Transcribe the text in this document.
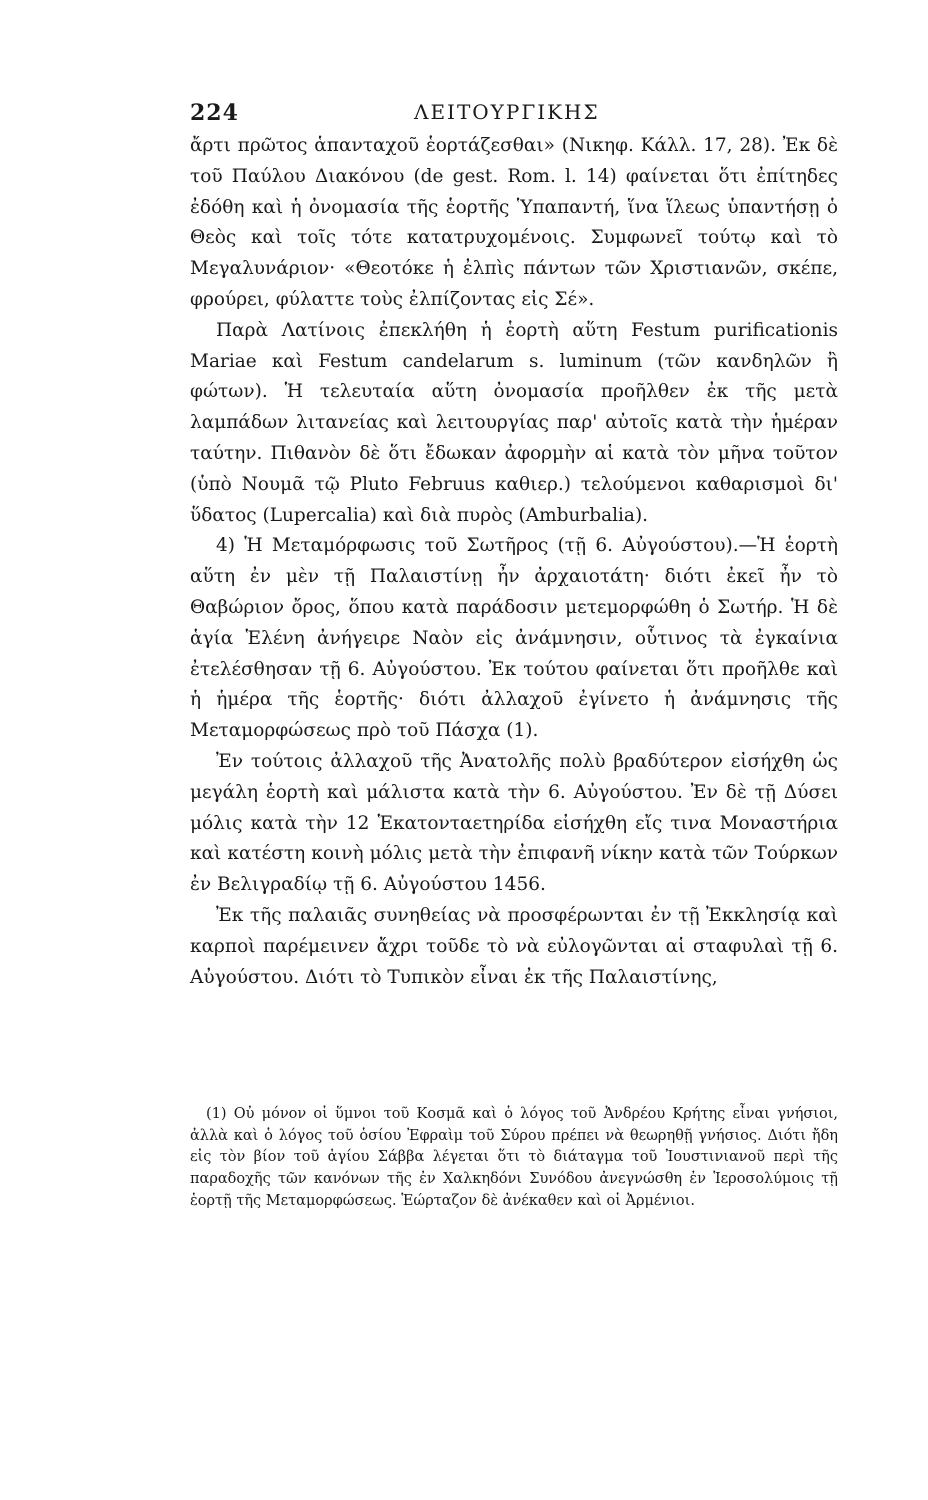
224	ΛΕΙΤΟΥΡΓΙΚΗΣ

ἄρτι πρῶτος ἁπανταχοῦ ἑορτάζεσθαι» (Νικηφ. Κάλλ. 17, 28). Ἐκ δὲ τοῦ Παύλου Διακόνου (de gest. Rom. l. 14) φαίνεται ὅτι ἐπίτηδες ἐδόθη καὶ ἡ ὀνομασία τῆς ἑορτῆς Ὑπαπαντή, ἵνα ἵλεως ὑπαντήσῃ ὁ Θεὸς καὶ τοῖς τότε κατατρυχομένοις. Συμφωνεῖ τούτῳ καὶ τὸ Μεγαλυνάριον· «Θεοτόκε ἡ ἐλπὶς πάντων τῶν Χριστιανῶν, σκέπε, φρούρει, φύλαττε τοὺς ἐλπίζοντας εἰς Σέ».

Παρὰ Λατίνοις ἐπεκλήθη ἡ ἑορτὴ αὕτη Festum purificationis Mariae καὶ Festum candelarum s. luminum (τῶν κανδηλῶν ἢ φώτων). Ἡ τελευταία αὕτη ὀνομασία προῆλθεν ἐκ τῆς μετὰ λαμπάδων λιτανείας καὶ λειτουργίας παρ' αὐτοῖς κατὰ τὴν ἡμέραν ταύτην. Πιθανὸν δὲ ὅτι ἔδωκαν ἀφορμὴν αἱ κατὰ τὸν μῆνα τοῦτον (ὑπὸ Νουμᾶ τῷ Pluto Februus καθιερ.) τελούμενοι καθαρισμοὶ δι' ὕδατος (Lupercalia) καὶ διὰ πυρὸς (Amburbalia).

4) Ἡ Μεταμόρφωσις τοῦ Σωτῆρος (τῇ 6. Αὐγούστου).—Ἡ ἑορτὴ αὕτη ἐν μὲν τῇ Παλαιστίνῃ ἦν ἀρχαιοτάτη· διότι ἐκεῖ ἦν τὸ Θαβώριον ὄρος, ὅπου κατὰ παράδοσιν μετεμορφώθη ὁ Σωτήρ. Ἡ δὲ ἁγία Ἑλένη ἀνήγειρε Ναὸν εἰς ἀνάμνησιν, οὗτινος τὰ ἐγκαίνια ἐτελέσθησαν τῇ 6. Αὐγούστου. Ἐκ τούτου φαίνεται ὅτι προῆλθε καὶ ἡ ἡμέρα τῆς ἑορτῆς· διότι ἀλλαχοῦ ἐγίνετο ἡ ἀνάμνησις τῆς Μεταμορφώσεως πρὸ τοῦ Πάσχα (1).

Ἐν τούτοις ἀλλαχοῦ τῆς Ἀνατολῆς πολὺ βραδύτερον εἰσήχθη ὡς μεγάλη ἑορτὴ καὶ μάλιστα κατὰ τὴν 6. Αὐγούστου. Ἐν δὲ τῇ Δύσει μόλις κατὰ τὴν 12 Ἑκατονταετηρίδα εἰσήχθη εἴς τινα Μοναστήρια καὶ κατέστη κοινὴ μόλις μετὰ τὴν ἐπιφανῆ νίκην κατὰ τῶν Τούρκων ἐν Βελιγραδίῳ τῇ 6. Αὐγούστου 1456.

Ἐκ τῆς παλαιᾶς συνηθείας νὰ προσφέρωνται ἐν τῇ Ἐκκλησίᾳ καὶ καρποὶ παρέμεινεν ἄχρι τοῦδε τὸ νὰ εὐλογῶνται αἱ σταφυλαὶ τῇ 6. Αὐγούστου. Διότι τὸ Τυπικὸν εἶναι ἐκ τῆς Παλαιστίνης,

(1) Οὐ μόνον οἱ ὕμνοι τοῦ Κοσμᾶ καὶ ὁ λόγος τοῦ Ἀνδρέου Κρήτης εἶναι γνήσιοι, ἀλλὰ καὶ ὁ λόγος τοῦ ὁσίου Ἐφραὶμ τοῦ Σύρου πρέπει νὰ θεωρηθῇ γνήσιος. Διότι ἤδη εἰς τὸν βίον τοῦ ἁγίου Σάββα λέγεται ὅτι τὸ διάταγμα τοῦ Ἰουστινιανοῦ περὶ τῆς παραδοχῆς τῶν κανόνων τῆς ἐν Χαλκηδόνι Συνόδου ἀνεγνώσθη ἐν Ἱεροσολύμοις τῇ ἑορτῇ τῆς Μεταμορφώσεως. Ἑώρταζον δὲ ἀνέκαθεν καὶ οἱ Ἀρμένιοι.
